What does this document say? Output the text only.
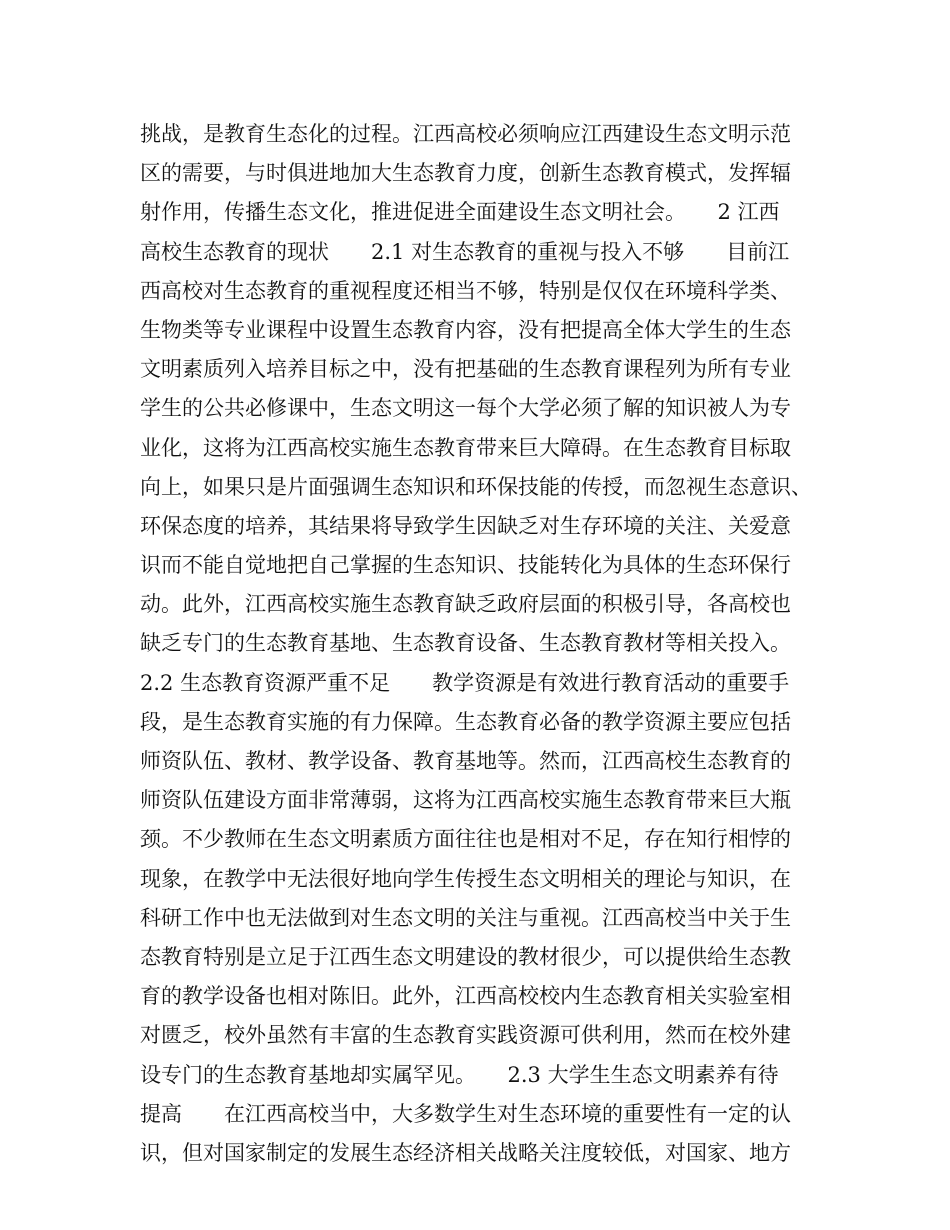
挑战，是教育生态化的过程。江西高校必须响应江西建设生态文明示范
区的需要，与时俱进地加大生态教育力度，创新生态教育模式，发挥辐
射作用，传播生态文化，推进促进全面建设生态文明社会。　　2 江西
高校生态教育的现状　　2.1 对生态教育的重视与投入不够　　目前江
西高校对生态教育的重视程度还相当不够，特别是仅仅在环境科学类、
生物类等专业课程中设置生态教育内容，没有把提高全体大学生的生态
文明素质列入培养目标之中，没有把基础的生态教育课程列为所有专业
学生的公共必修课中，生态文明这一每个大学必须了解的知识被人为专
业化，这将为江西高校实施生态教育带来巨大障碍。在生态教育目标取
向上，如果只是片面强调生态知识和环保技能的传授，而忽视生态意识、
环保态度的培养，其结果将导致学生因缺乏对生存环境的关注、关爱意
识而不能自觉地把自己掌握的生态知识、技能转化为具体的生态环保行
动。此外，江西高校实施生态教育缺乏政府层面的积极引导，各高校也
缺乏专门的生态教育基地、生态教育设备、生态教育教材等相关投入。
2.2 生态教育资源严重不足　　教学资源是有效进行教育活动的重要手
段，是生态教育实施的有力保障。生态教育必备的教学资源主要应包括
师资队伍、教材、教学设备、教育基地等。然而，江西高校生态教育的
师资队伍建设方面非常薄弱，这将为江西高校实施生态教育带来巨大瓶
颈。不少教师在生态文明素质方面往往也是相对不足，存在知行相悖的
现象，在教学中无法很好地向学生传授生态文明相关的理论与知识，在
科研工作中也无法做到对生态文明的关注与重视。江西高校当中关于生
态教育特别是立足于江西生态文明建设的教材很少，可以提供给生态教
育的教学设备也相对陈旧。此外，江西高校校内生态教育相关实验室相
对匮乏，校外虽然有丰富的生态教育实践资源可供利用，然而在校外建
设专门的生态教育基地却实属罕见。　　2.3 大学生生态文明素养有待
提高　　在江西高校当中，大多数学生对生态环境的重要性有一定的认
识，但对国家制定的发展生态经济相关战略关注度较低，对国家、地方
